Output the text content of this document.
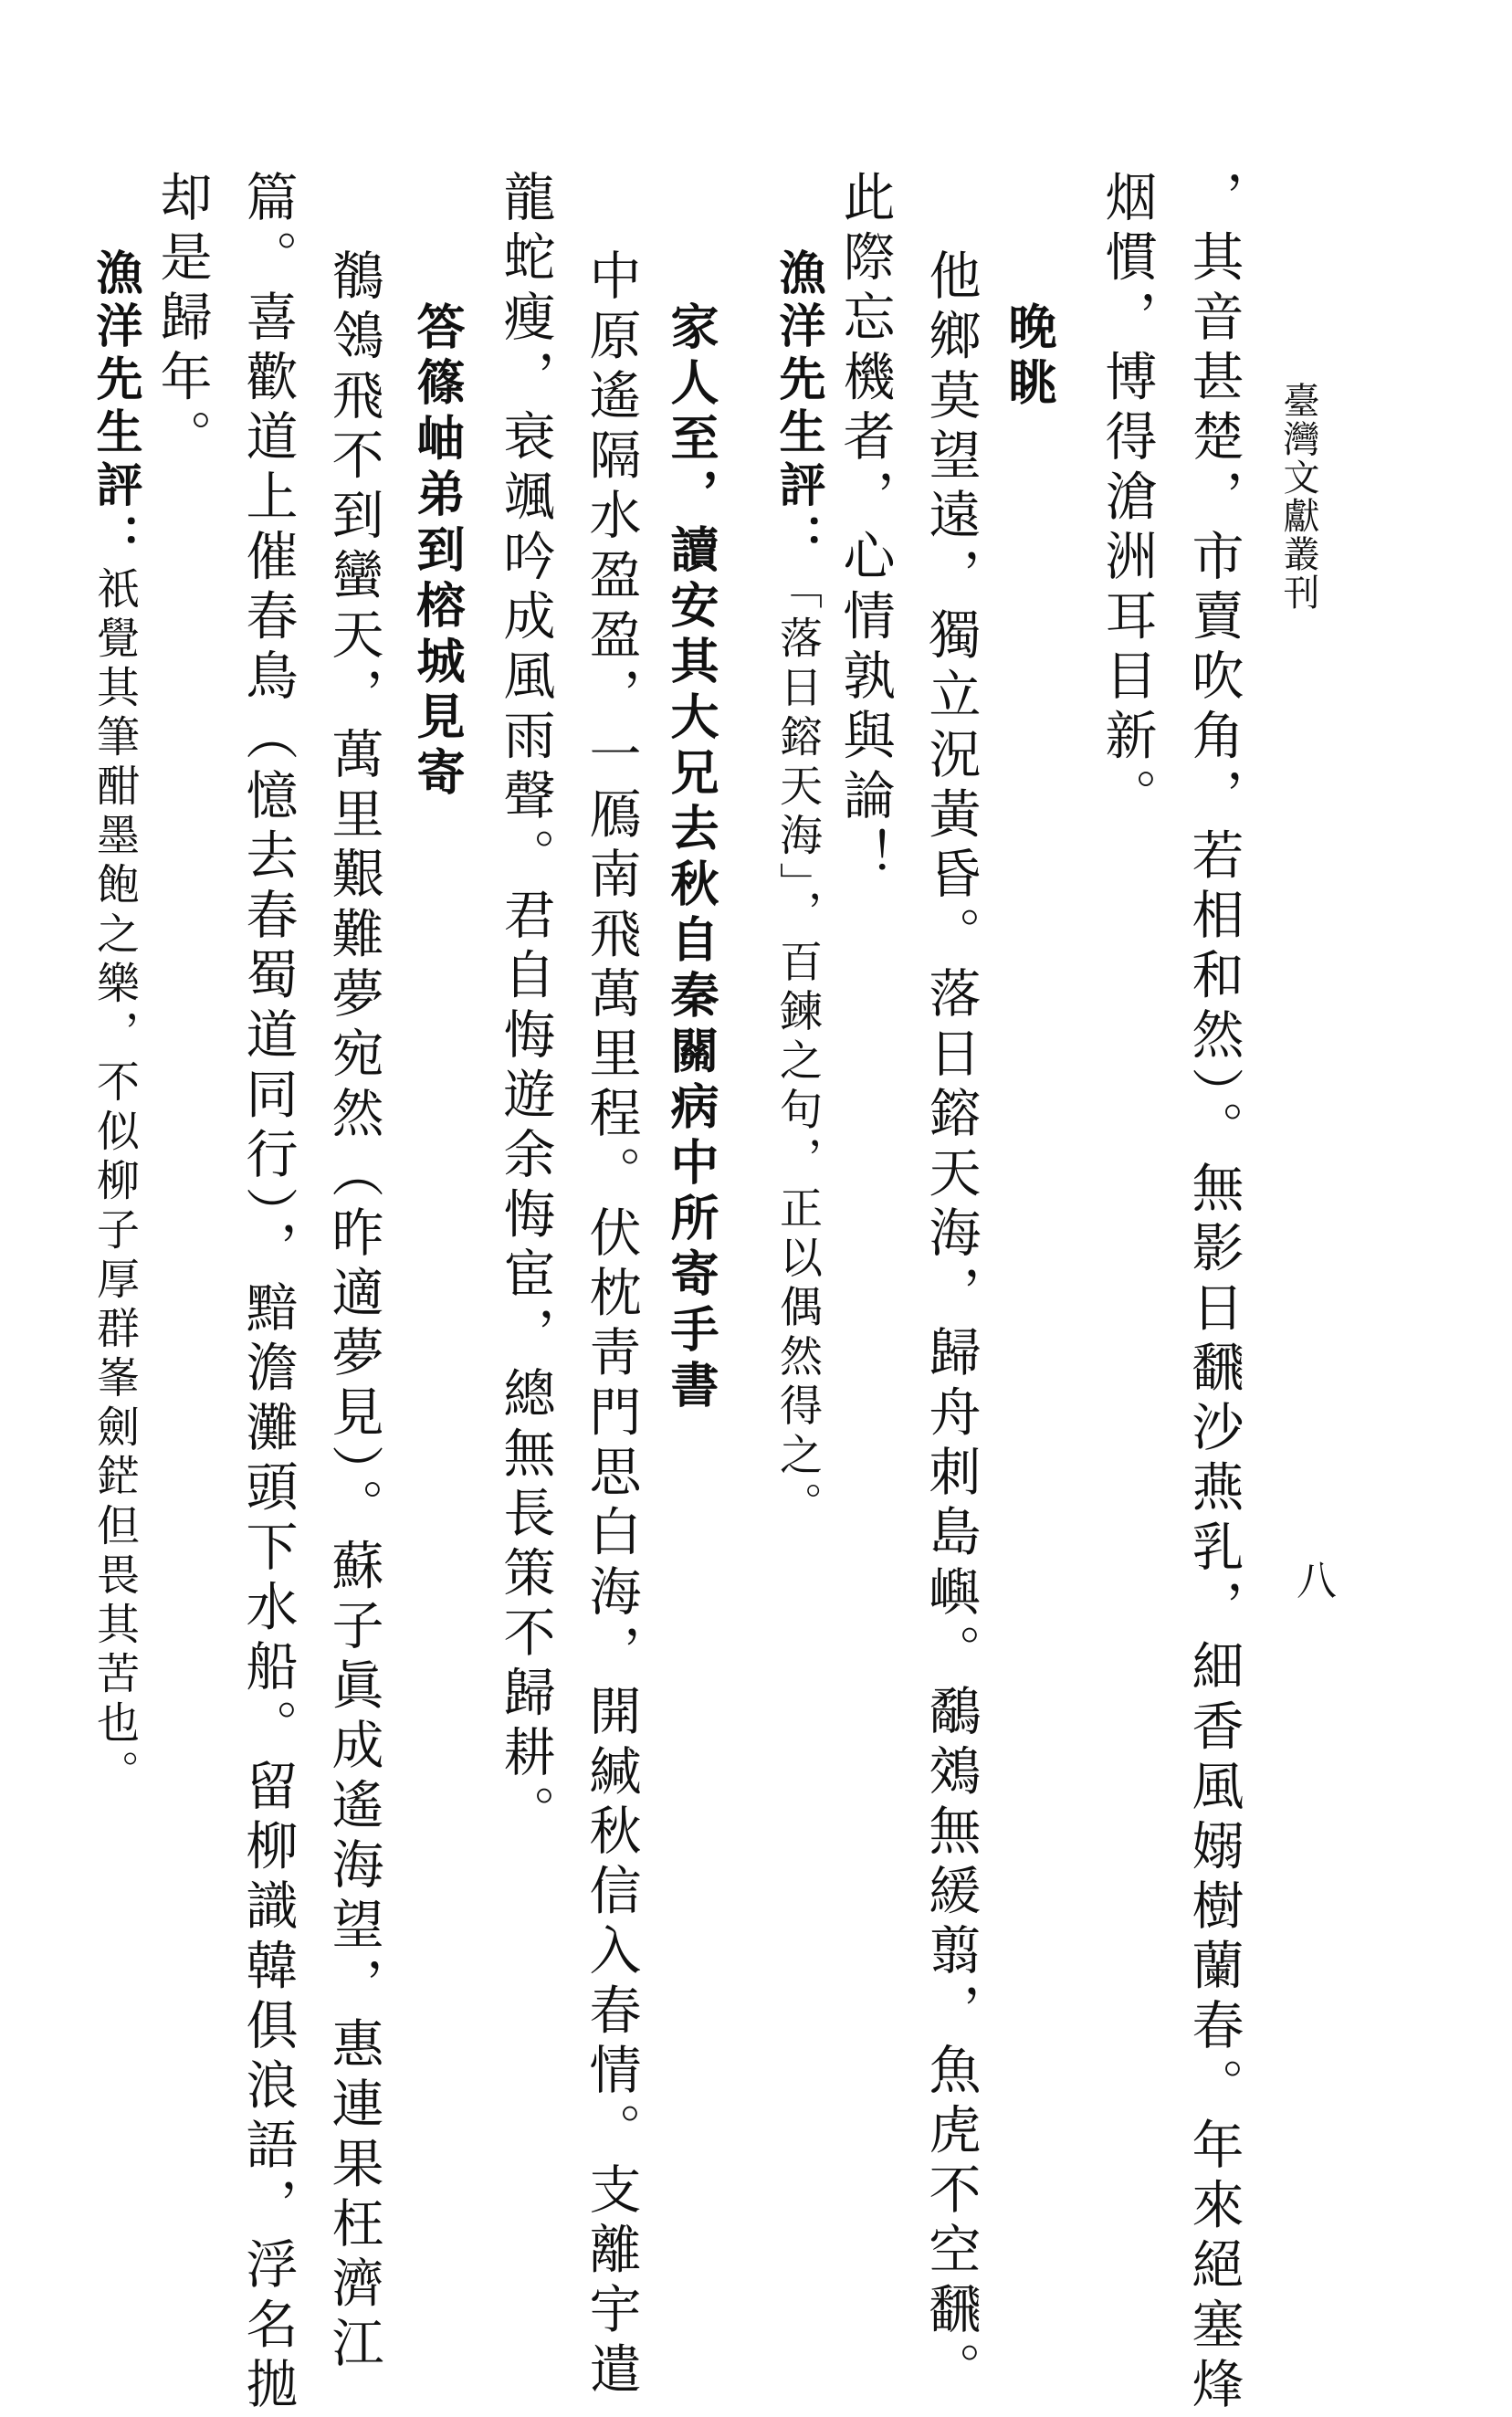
臺灣文獻叢刊
八
，其音甚楚，市賣吹角，若相和然）。無影日飜沙燕乳，細香風嫋樹蘭春。年來絕塞烽
烟慣，博得滄洲耳目新。
晚眺
他鄉莫望遠，獨立況黃昏。落日鎔天海，歸舟刺島嶼。鷸鵁無緩翦，魚虎不空飜。
此際忘機者，心情孰與論！
漁洋先生評：「落日鎔天海」，百鍊之句，正以偶然得之。
家人至，讀安其大兄去秋自秦關病中所寄手書
中原遙隔水盈盈，一鴈南飛萬里程。伏枕靑門思白海，開緘秋信入春情。支離宇遣
龍蛇瘦，衰颯吟成風雨聲。君自悔遊余悔宦，總無長策不歸耕。
答篠岫弟到榕城見寄
鶺鴒飛不到蠻天，萬里艱難夢宛然（昨適夢見）。蘇子眞成遙海望，惠連果枉濟江
篇。喜歡道上催春鳥（憶去春蜀道同行），黯澹灘頭下水船。留柳識韓俱浪語，浮名拋
却是歸年。
漁洋先生評：祇覺其筆酣墨飽之樂，不似柳子厚群峯劍鋩但畏其苦也。
